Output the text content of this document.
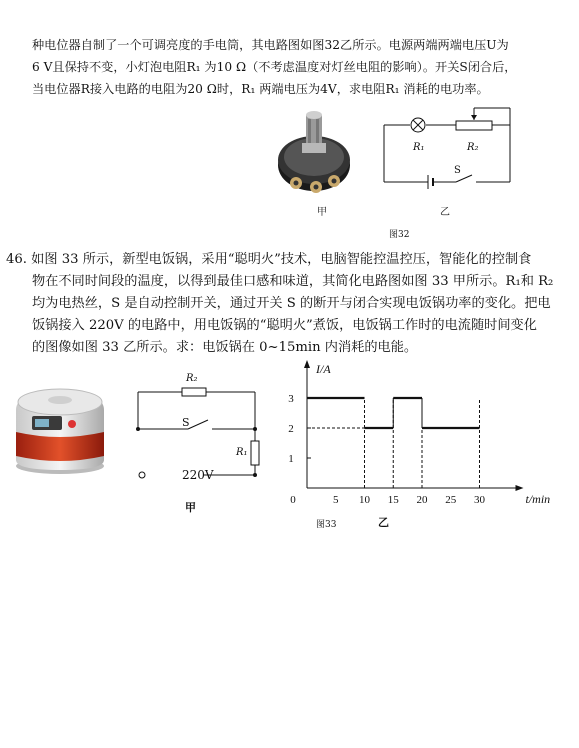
种电位器自制了一个可调亮度的手电筒，其电路图如图32乙所示。电源两端两端电压U为
6 V且保持不变，小灯泡电阻R₁ 为10 Ω（不考虑温度对灯丝电阻的影响）。开关S闭合后，
当电位器R接入电路的电阻为20 Ω时，R₁ 两端电压为4V，求电阻R₁ 消耗的电功率。
甲
R₁	R₂
S
乙
图32
46. 如图 33 所示，新型电饭锅，采用“聪明火”技术，电脑智能控温控压，智能化的控制食
物在不同时间段的温度，以得到最佳口感和味道，其简化电路图如图 33 甲所示。R₁和 R₂
均为电热丝，S 是自动控制开关，通过开关 S 的断开与闭合实现电饭锅功率的变化。把电
饭锅接入 220V 的电路中，用电饭锅的“聪明火”煮饭，电饭锅工作时的电流随时间变化
的图像如图 33 乙所示。求：电饭锅在 0~15min 内消耗的电能。
R₂
S
R₁
220V
甲
I/A
t/min
0	5 10 15 20 25 30
1
2
3
图33	乙
